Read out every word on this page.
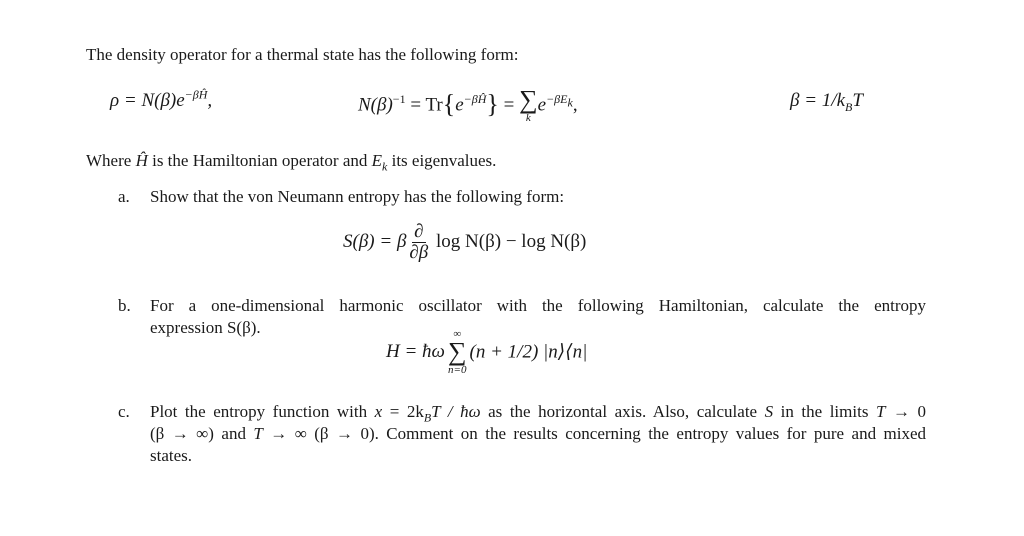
The density operator for a thermal state has the following form:
$\rho = N(\beta)e^{-\beta Ĥ}$,	$N(\beta)^{-1} = Tr\{e^{-\beta Ĥ}\}$ = ∑
k
$e^{-\beta E_k}$,	$\beta = 1/k_BT$
Where Ĥ is the Hamiltonian operator and $E_k$ its eigenvalues.
a. Show that the von Neumann entropy has the following form:
S(β) = β $\frac{\partial}{\partial\beta}$ log N(β) − log N(β)
b. For a one-dimensional harmonic oscillator with the following Hamiltonian, calculate the entropy
expression S(β).
H = ħω
∞
∑
n=0
(n + 1/2) |n⟩⟨n|
c. Plot the entropy function with $x = 2k_BT$ / ħω as the horizontal axis. Also, calculate S in the limits T → 0
(β → ∞) and T → ∞ (β → 0). Comment on the results concerning the entropy values for pure and mixed
states.
